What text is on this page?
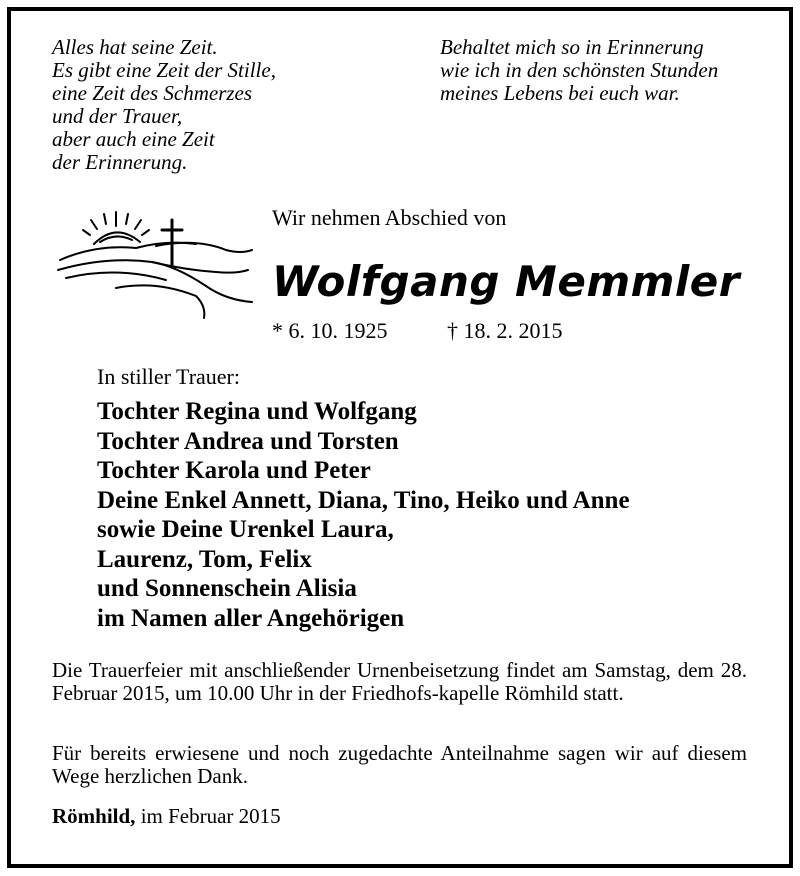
Alles hat seine Zeit.
Es gibt eine Zeit der Stille,
eine Zeit des Schmerzes
und der Trauer,
aber auch eine Zeit
der Erinnerung.
Behaltet mich so in Erinnerung
wie ich in den schönsten Stunden
meines Lebens bei euch war.
Wir nehmen Abschied von
Wolfgang Memmler
* 6. 10. 1925	† 18. 2. 2015
In stiller Trauer:
Tochter Regina und Wolfgang
Tochter Andrea und Torsten
Tochter Karola und Peter
Deine Enkel Annett, Diana, Tino, Heiko und Anne
sowie Deine Urenkel Laura,
Laurenz, Tom, Felix
und Sonnenschein Alisia
im Namen aller Angehörigen
Die Trauerfeier mit anschließender Urnenbeisetzung findet am Samstag, dem 28. Februar 2015, um 10.00 Uhr in der Friedhofs-kapelle Römhild statt.
Für bereits erwiesene und noch zugedachte Anteilnahme sagen wir auf diesem Wege herzlichen Dank.
Römhild, im Februar 2015
